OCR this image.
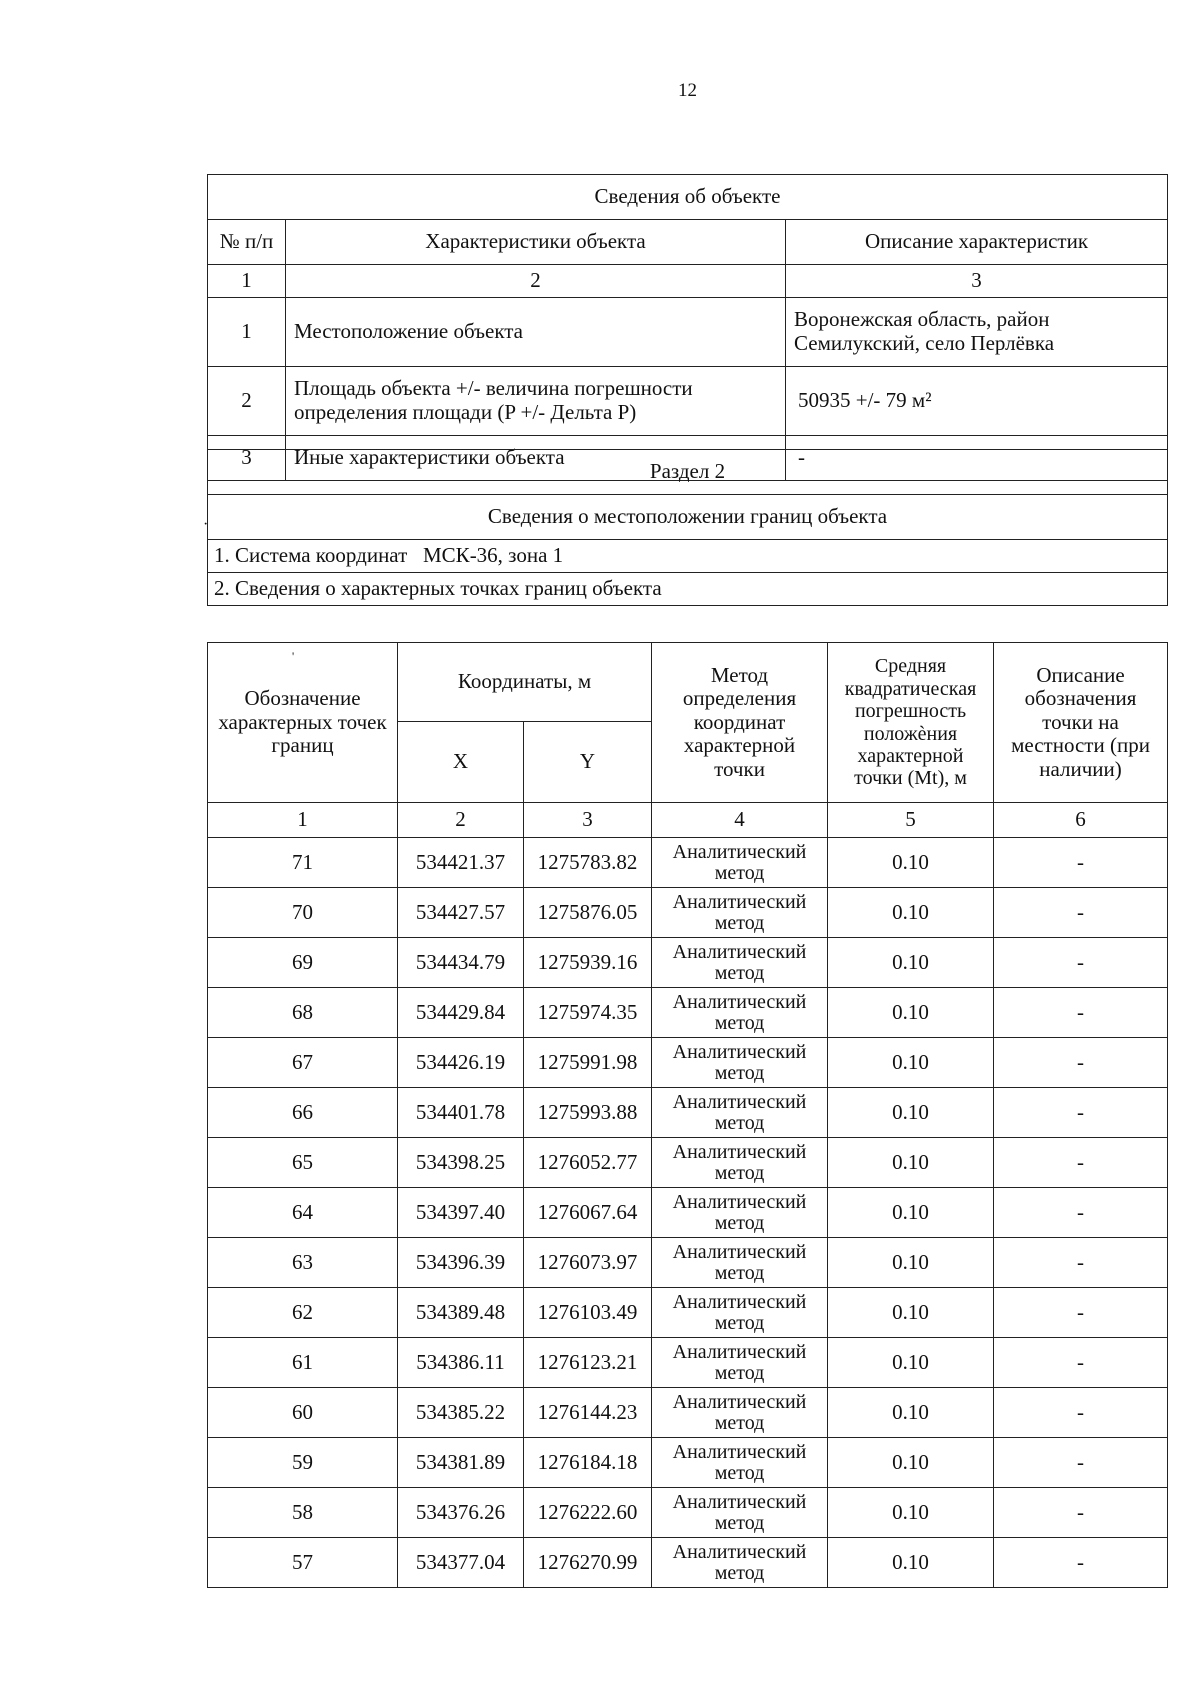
12
·
'
Сведения об объекте		
№ п/п	Характеристики объекта	Описание характеристик
1	2	3
1	Местоположение объекта	Воронежская область, район Семилукский, село Перлёвка
2	Площадь объекта +/- величина погрешности определения площади (P +/- Дельта P)	50935 +/- 79 м²
3	Иные характеристики объекта	-
Раздел 2
Сведения о местоположении границ объекта
1. Система координат   МСК-36, зона 1
2. Сведения о характерных точках границ объекта
Обозначение характерных точек границ	Координаты, м		Метод определения координат характерной точки	Средняя квадратическая погрешность положѐния характерной точки (Mt), м	Описание обозначения точки на местности (при наличии)
	X	Y			
1	2	3	4	5	6
71	534421.37	1275783.82	Аналитический метод	0.10	-
70	534427.57	1275876.05	Аналитический метод	0.10	-
69	534434.79	1275939.16	Аналитический метод	0.10	-
68	534429.84	1275974.35	Аналитический метод	0.10	-
67	534426.19	1275991.98	Аналитический метод	0.10	-
66	534401.78	1275993.88	Аналитический метод	0.10	-
65	534398.25	1276052.77	Аналитический метод	0.10	-
64	534397.40	1276067.64	Аналитический метод	0.10	-
63	534396.39	1276073.97	Аналитический метод	0.10	-
62	534389.48	1276103.49	Аналитический метод	0.10	-
61	534386.11	1276123.21	Аналитический метод	0.10	-
60	534385.22	1276144.23	Аналитический метод	0.10	-
59	534381.89	1276184.18	Аналитический метод	0.10	-
58	534376.26	1276222.60	Аналитический метод	0.10	-
57	534377.04	1276270.99	Аналитический метод	0.10	-
